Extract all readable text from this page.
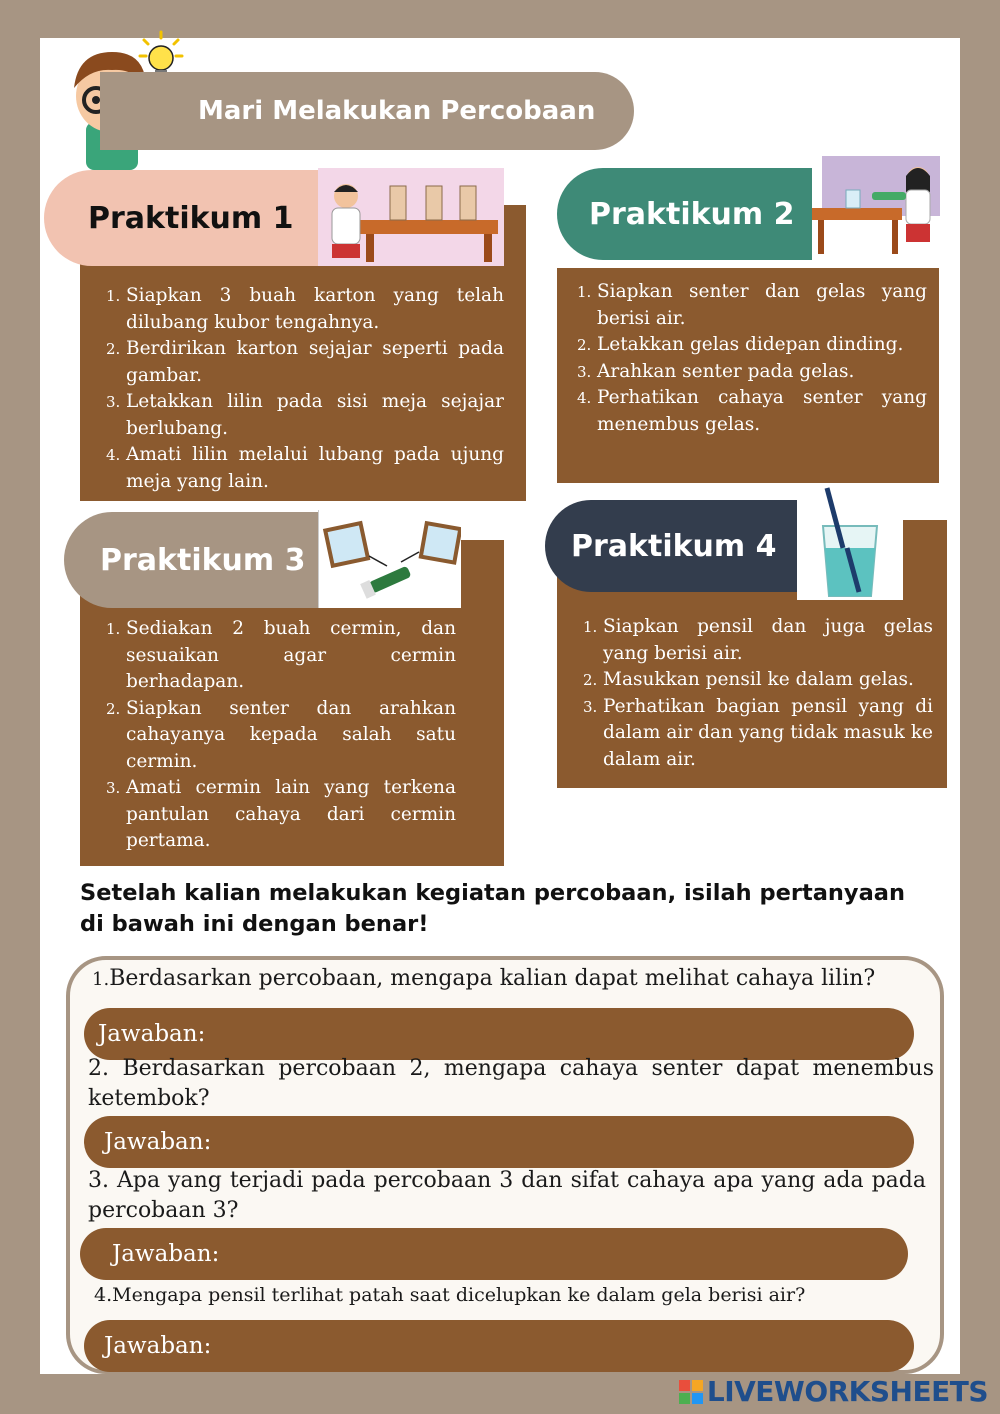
Mari Melakukan Percobaan
Siapkan 3 buah karton yang telah dilubang kubor tengahnya.
Berdirikan karton sejajar seperti pada gambar.
Letakkan lilin pada sisi meja sejajar berlubang.
Amati lilin melalui lubang pada ujung meja yang lain.
Praktikum 1
Siapkan senter dan gelas yang berisi air.
Letakkan gelas didepan dinding.
Arahkan senter pada gelas.
Perhatikan cahaya senter yang menembus gelas.
Praktikum 2
Sediakan 2 buah cermin, dan sesuaikan agar cermin berhadapan.
Siapkan senter dan arahkan cahayanya kepada salah satu cermin.
Amati cermin lain yang terkena pantulan cahaya dari cermin pertama.
Praktikum 3
Siapkan pensil dan juga gelas yang berisi air.
Masukkan pensil ke dalam gelas.
Perhatikan bagian pensil yang di dalam air dan yang tidak masuk ke dalam air.
Praktikum 4
Setelah kalian melakukan kegiatan percobaan, isilah pertanyaan di bawah ini dengan benar!
1.Berdasarkan percobaan, mengapa kalian dapat melihat cahaya lilin?
Jawaban:
2. Berdasarkan percobaan 2, mengapa cahaya senter dapat menembus ketembok?
Jawaban:
3. Apa yang terjadi pada percobaan 3 dan sifat cahaya apa yang ada pada percobaan 3?
Jawaban:
4.Mengapa pensil terlihat patah saat dicelupkan ke dalam gela berisi air?
Jawaban:
LIVEWORKSHEETS
